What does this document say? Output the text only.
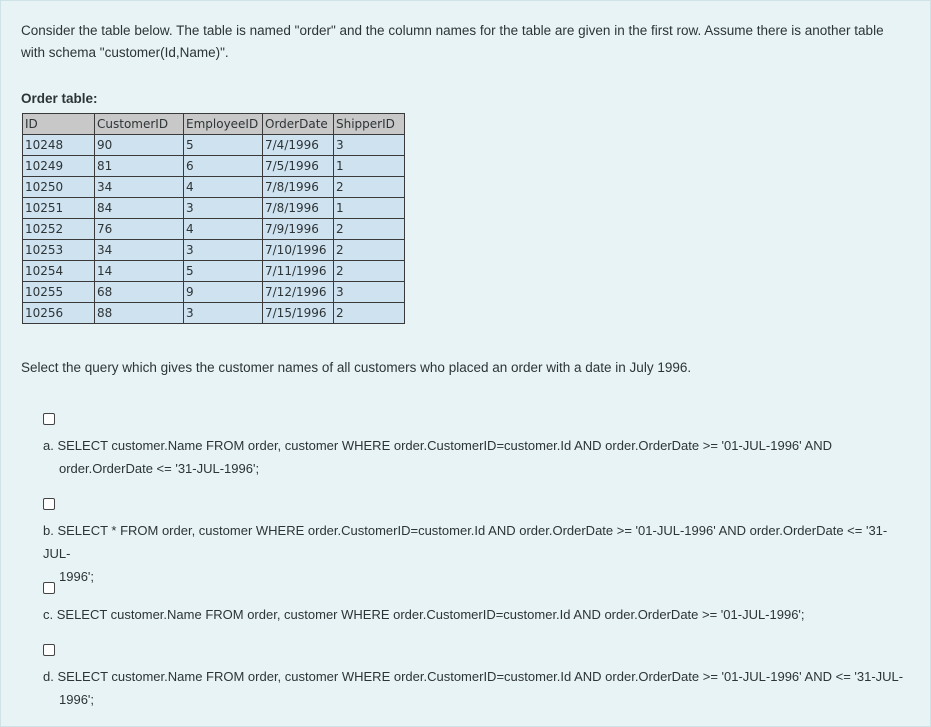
Consider the table below. The table is named "order" and the column names for the table are given in the first row. Assume there is another table
with schema "customer(Id,Name)".
Order table:
ID	CustomerID	EmployeeID	OrderDate	ShipperID
10248	90	5	7/4/1996	3
10249	81	6	7/5/1996	1
10250	34	4	7/8/1996	2
10251	84	3	7/8/1996	1
10252	76	4	7/9/1996	2
10253	34	3	7/10/1996	2
10254	14	5	7/11/1996	2
10255	68	9	7/12/1996	3
10256	88	3	7/15/1996	2
Select the query which gives the customer names of all customers who placed an order with a date in July 1996.
a. SELECT customer.Name FROM order, customer WHERE order.CustomerID=customer.Id AND order.OrderDate >= '01-JUL-1996' AND
order.OrderDate <= '31-JUL-1996';
b. SELECT * FROM order, customer WHERE order.CustomerID=customer.Id AND order.OrderDate >= '01-JUL-1996' AND order.OrderDate <= '31-JUL-
1996';
c. SELECT customer.Name FROM order, customer WHERE order.CustomerID=customer.Id AND order.OrderDate >= '01-JUL-1996';
d. SELECT customer.Name FROM order, customer WHERE order.CustomerID=customer.Id AND order.OrderDate >= '01-JUL-1996' AND <= '31-JUL-
1996';
